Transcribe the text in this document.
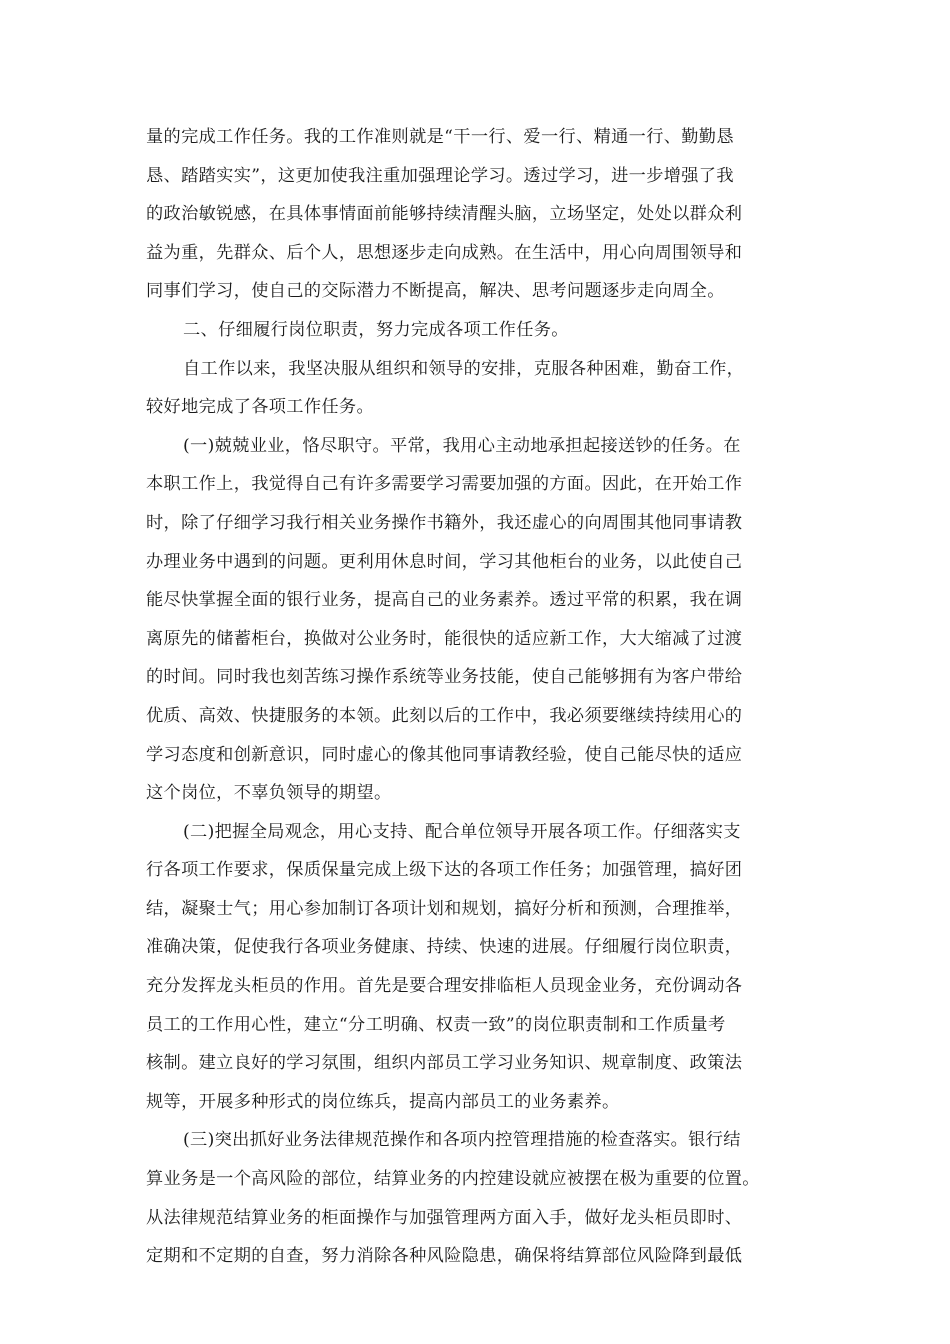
量的完成工作任务。我的工作准则就是“干一行、爱一行、精通一行、勤勤恳
恳、踏踏实实”，这更加使我注重加强理论学习。透过学习，进一步增强了我
的政治敏锐感，在具体事情面前能够持续清醒头脑，立场坚定，处处以群众利
益为重，先群众、后个人，思想逐步走向成熟。在生活中，用心向周围领导和
同事们学习，使自己的交际潜力不断提高，解决、思考问题逐步走向周全。
二、仔细履行岗位职责，努力完成各项工作任务。
自工作以来，我坚决服从组织和领导的安排，克服各种困难，勤奋工作，
较好地完成了各项工作任务。
(一)兢兢业业，恪尽职守。平常，我用心主动地承担起接送钞的任务。在
本职工作上，我觉得自己有许多需要学习需要加强的方面。因此，在开始工作
时，除了仔细学习我行相关业务操作书籍外，我还虚心的向周围其他同事请教
办理业务中遇到的问题。更利用休息时间，学习其他柜台的业务，以此使自己
能尽快掌握全面的银行业务，提高自己的业务素养。透过平常的积累，我在调
离原先的储蓄柜台，换做对公业务时，能很快的适应新工作，大大缩减了过渡
的时间。同时我也刻苦练习操作系统等业务技能，使自己能够拥有为客户带给
优质、高效、快捷服务的本领。此刻以后的工作中，我必须要继续持续用心的
学习态度和创新意识，同时虚心的像其他同事请教经验，使自己能尽快的适应
这个岗位，不辜负领导的期望。
(二)把握全局观念，用心支持、配合单位领导开展各项工作。仔细落实支
行各项工作要求，保质保量完成上级下达的各项工作任务；加强管理，搞好团
结，凝聚士气；用心参加制订各项计划和规划，搞好分析和预测，合理推举，
准确决策，促使我行各项业务健康、持续、快速的进展。仔细履行岗位职责，
充分发挥龙头柜员的作用。首先是要合理安排临柜人员现金业务，充份调动各
员工的工作用心性，建立“分工明确、权责一致”的岗位职责制和工作质量考
核制。建立良好的学习氛围，组织内部员工学习业务知识、规章制度、政策法
规等，开展多种形式的岗位练兵，提高内部员工的业务素养。
(三)突出抓好业务法律规范操作和各项内控管理措施的检查落实。银行结
算业务是一个高风险的部位，结算业务的内控建设就应被摆在极为重要的位置。
从法律规范结算业务的柜面操作与加强管理两方面入手，做好龙头柜员即时、
定期和不定期的自查，努力消除各种风险隐患，确保将结算部位风险降到最低
